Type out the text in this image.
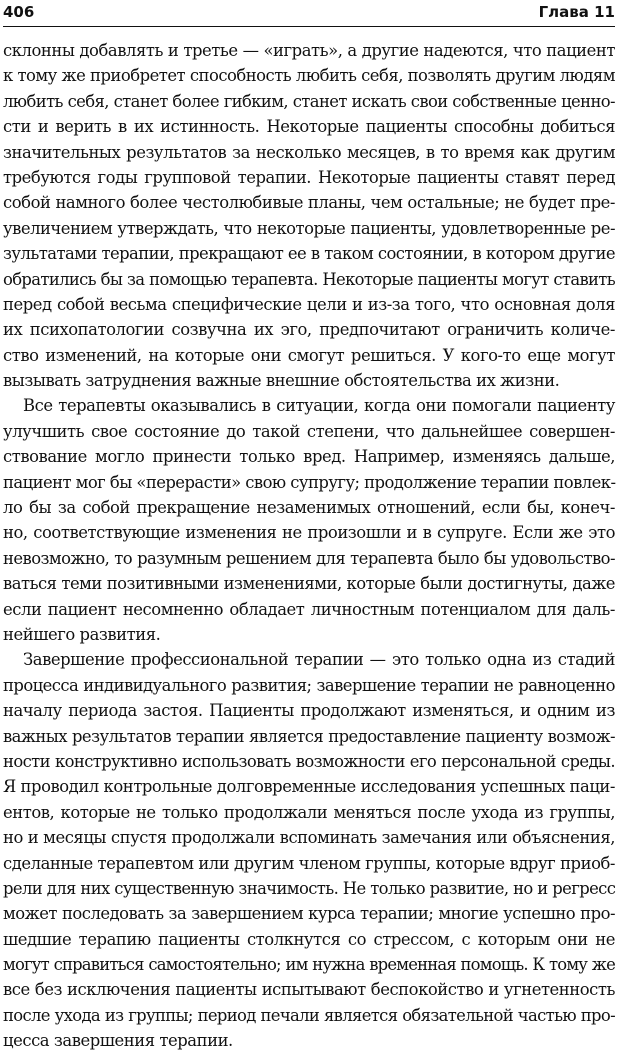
406	Глава 11
склонны добавлять и третье — «играть», а другие надеются, что пациент
к тому же приобретет способность любить себя, позволять другим людям
любить себя, станет более гибким, станет искать свои собственные ценно-
сти и верить в их истинность. Некоторые пациенты способны добиться
значительных результатов за несколько месяцев, в то время как другим
требуются годы групповой терапии. Некоторые пациенты ставят перед
собой намного более честолюбивые планы, чем остальные; не будет пре-
увеличением утверждать, что некоторые пациенты, удовлетворенные ре-
зультатами терапии, прекращают ее в таком состоянии, в котором другие
обратились бы за помощью терапевта. Некоторые пациенты могут ставить
перед собой весьма специфические цели и из-за того, что основная доля
их психопатологии созвучна их эго, предпочитают ограничить количе-
ство изменений, на которые они смогут решиться. У кого-то еще могут
вызывать затруднения важные внешние обстоятельства их жизни.
Все терапевты оказывались в ситуации, когда они помогали пациенту
улучшить свое состояние до такой степени, что дальнейшее совершен-
ствование могло принести только вред. Например, изменяясь дальше,
пациент мог бы «перерасти» свою супругу; продолжение терапии повлек-
ло бы за собой прекращение незаменимых отношений, если бы, конеч-
но, соответствующие изменения не произошли и в супруге. Если же это
невозможно, то разумным решением для терапевта было бы удовольство-
ваться теми позитивными изменениями, которые были достигнуты, даже
если пациент несомненно обладает личностным потенциалом для даль-
нейшего развития.
Завершение профессиональной терапии — это только одна из стадий
процесса индивидуального развития; завершение терапии не равноценно
началу периода застоя. Пациенты продолжают изменяться, и одним из
важных результатов терапии является предоставление пациенту возмож-
ности конструктивно использовать возможности его персональной среды.
Я проводил контрольные долговременные исследования успешных паци-
ентов, которые не только продолжали меняться после ухода из группы,
но и месяцы спустя продолжали вспоминать замечания или объяснения,
сделанные терапевтом или другим членом группы, которые вдруг приоб-
рели для них существенную значимость. Не только развитие, но и регресс
может последовать за завершением курса терапии; многие успешно про-
шедшие терапию пациенты столкнутся со стрессом, с которым они не
могут справиться самостоятельно; им нужна временная помощь. К тому же
все без исключения пациенты испытывают беспокойство и угнетенность
после ухода из группы; период печали является обязательной частью про-
цесса завершения терапии.
